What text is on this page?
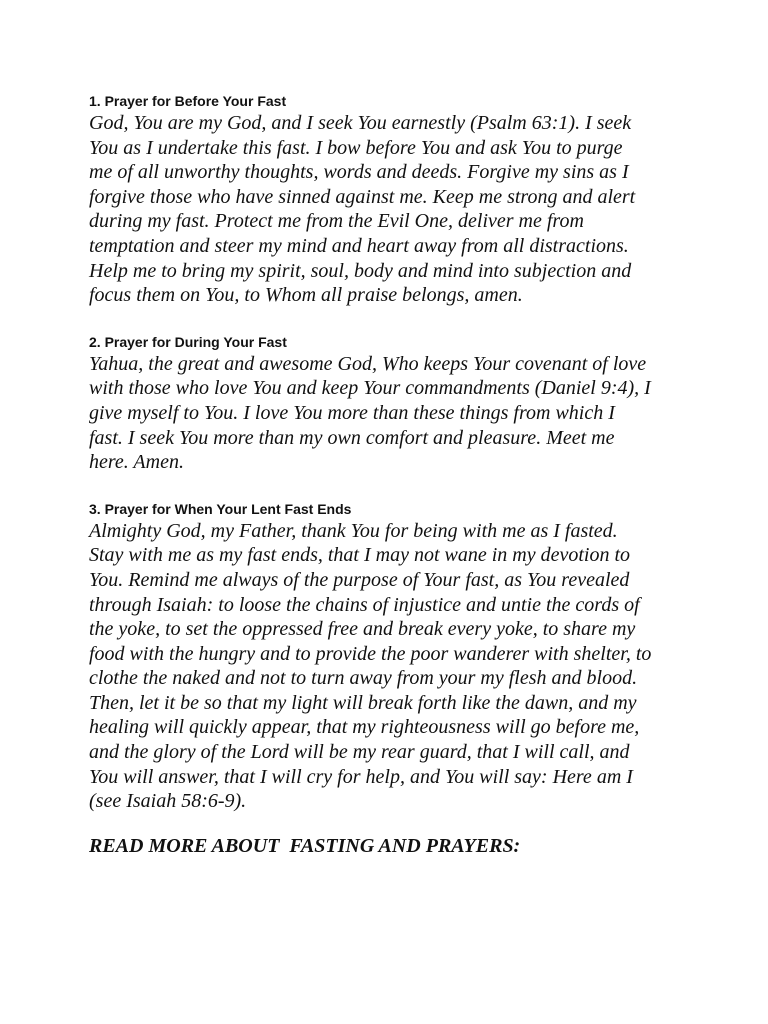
1. Prayer for Before Your Fast

God, You are my God, and I seek You earnestly (Psalm 63:1). I seek
You as I undertake this fast. I bow before You and ask You to purge
me of all unworthy thoughts, words and deeds. Forgive my sins as I
forgive those who have sinned against me. Keep me strong and alert
during my fast. Protect me from the Evil One, deliver me from
temptation and steer my mind and heart away from all distractions.
Help me to bring my spirit, soul, body and mind into subjection and
focus them on You, to Whom all praise belongs, amen.

2. Prayer for During Your Fast

Yahua, the great and awesome God, Who keeps Your covenant of love
with those who love You and keep Your commandments (Daniel 9:4), I
give myself to You. I love You more than these things from which I
fast. I seek You more than my own comfort and pleasure. Meet me
here. Amen.

3. Prayer for When Your Lent Fast Ends

Almighty God, my Father, thank You for being with me as I fasted.
Stay with me as my fast ends, that I may not wane in my devotion to
You. Remind me always of the purpose of Your fast, as You revealed
through Isaiah: to loose the chains of injustice and untie the cords of
the yoke, to set the oppressed free and break every yoke, to share my
food with the hungry and to provide the poor wanderer with shelter, to
clothe the naked and not to turn away from your my flesh and blood.
Then, let it be so that my light will break forth like the dawn, and my
healing will quickly appear, that my righteousness will go before me,
and the glory of the Lord will be my rear guard, that I will call, and
You will answer, that I will cry for help, and You will say: Here am I
(see Isaiah 58:6-9).

READ MORE ABOUT  FASTING AND PRAYERS:
